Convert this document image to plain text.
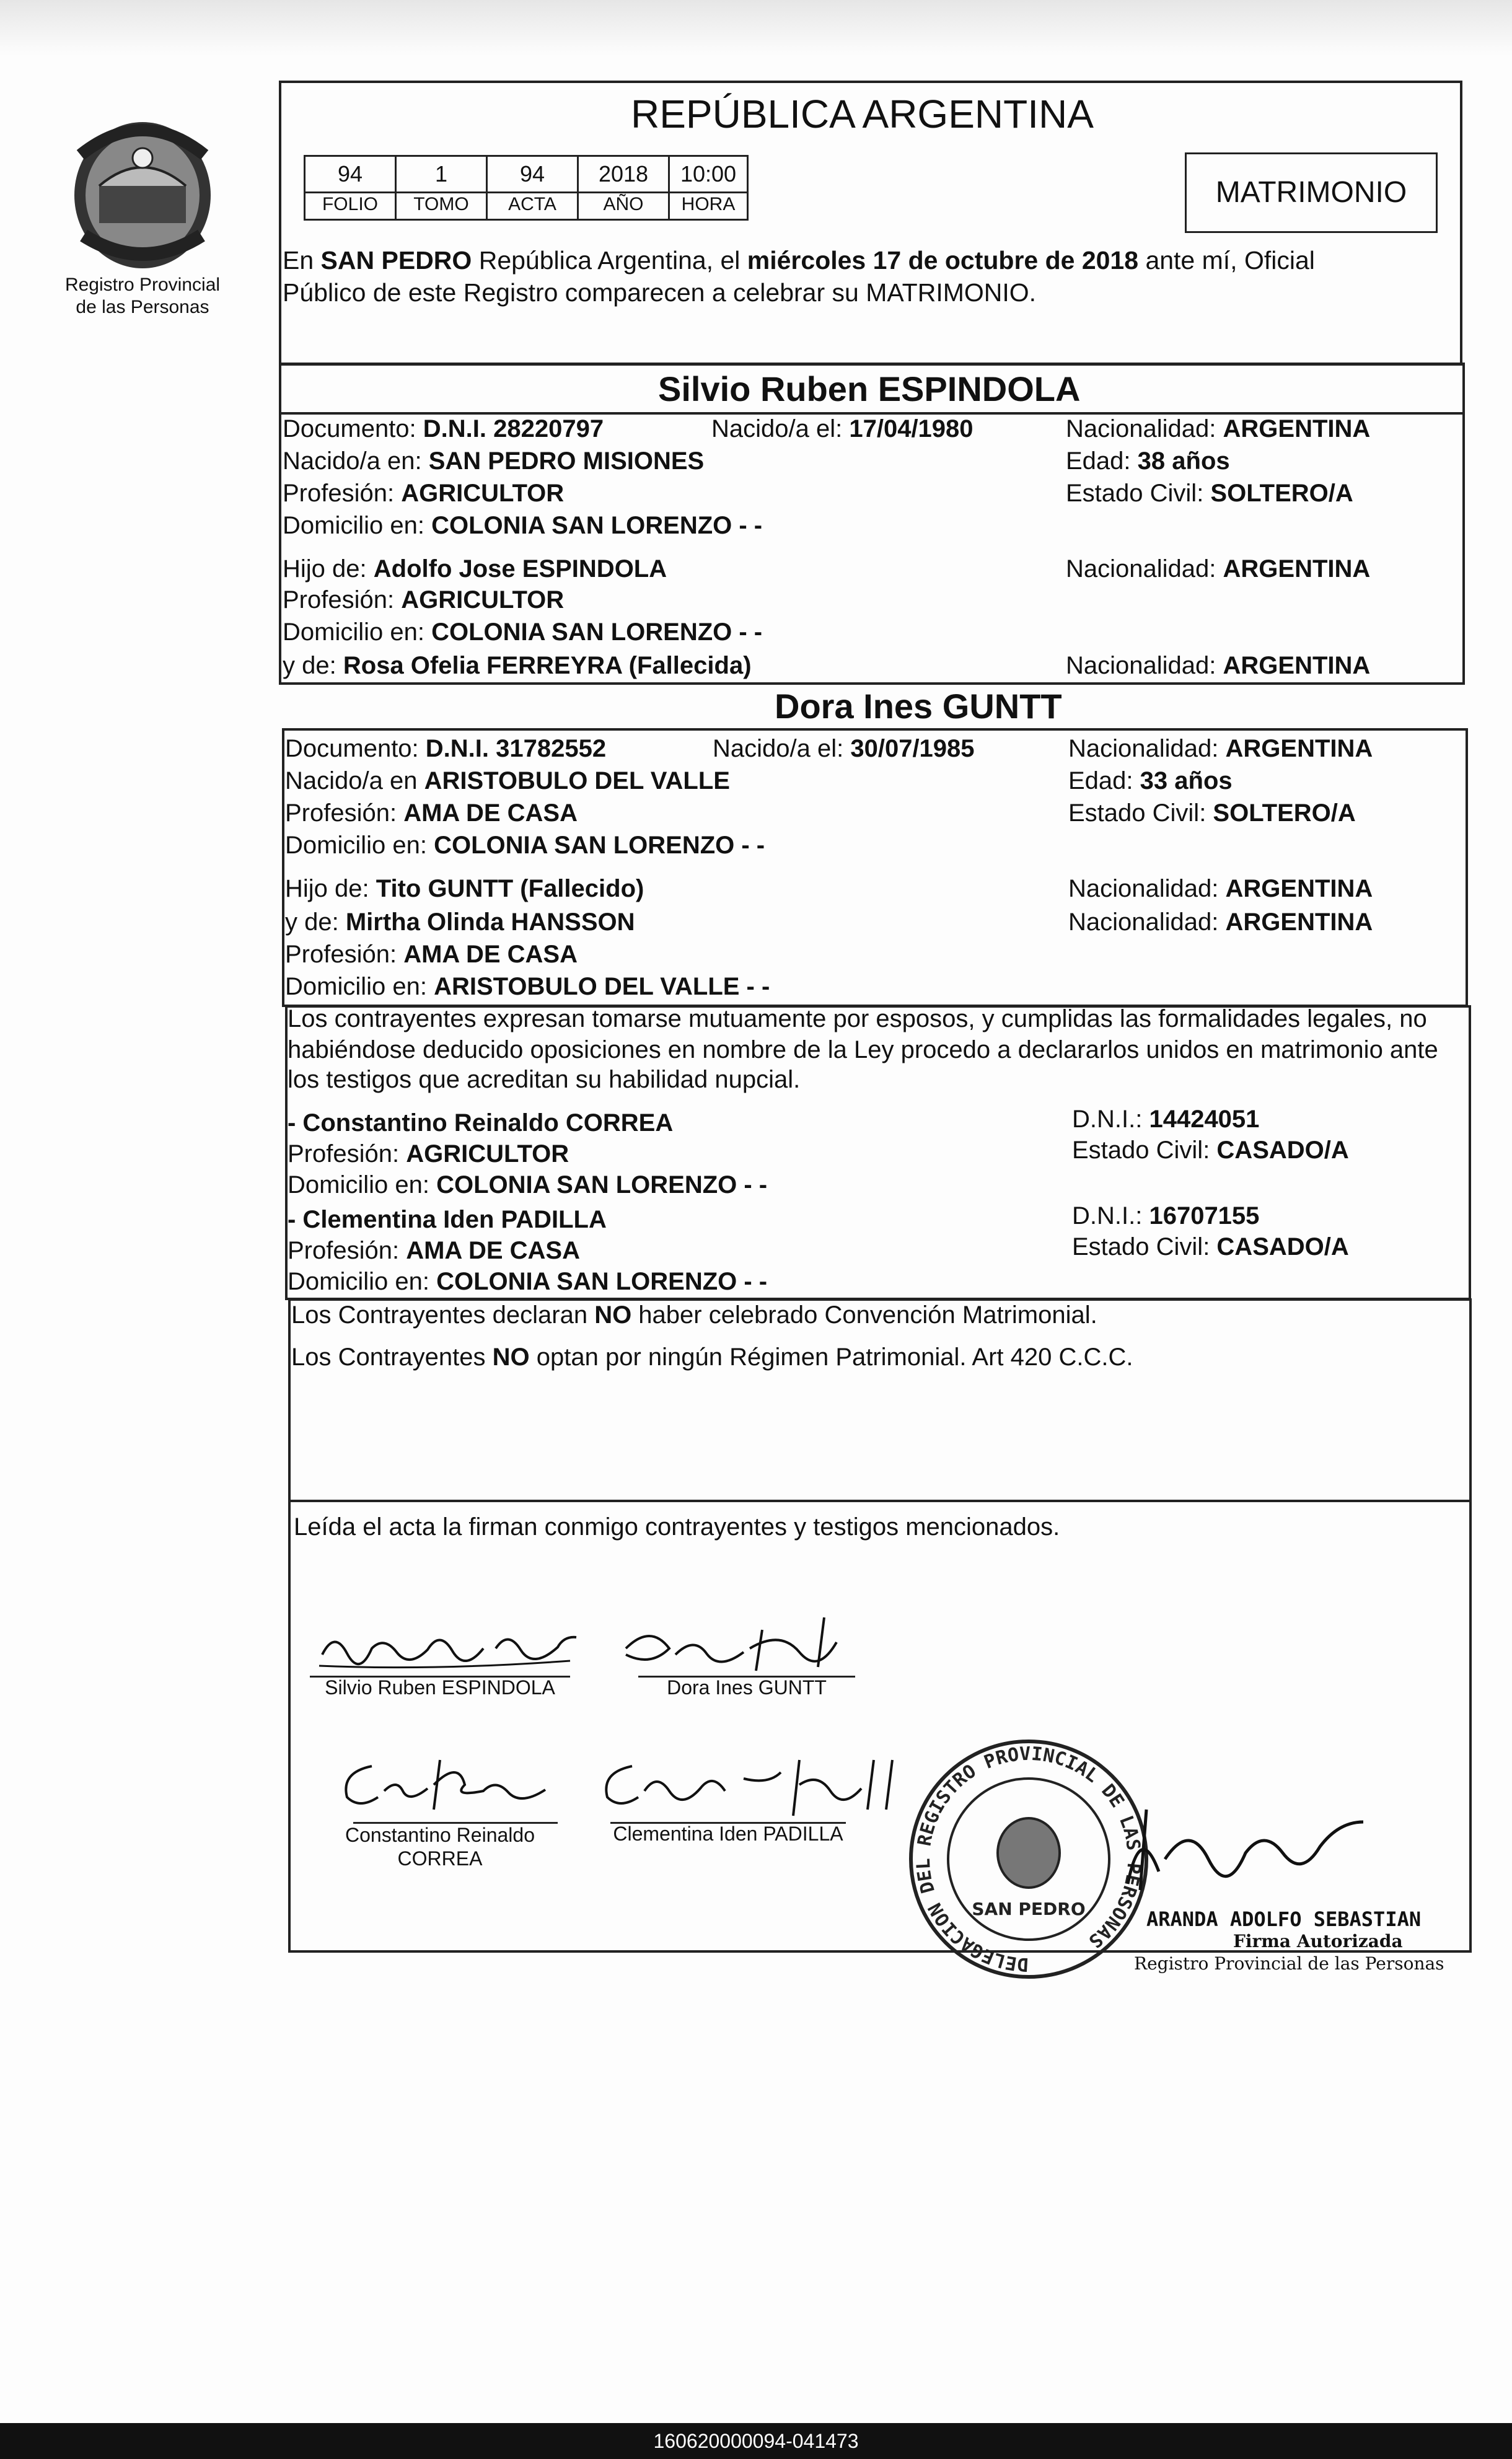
Registro Provincial
de las Personas
REPÚBLICA ARGENTINA
94
FOLIO
1
TOMO
94
ACTA
2018
AÑO
10:00
HORA	MATRIMONIO
En SAN PEDRO República Argentina, el miércoles 17 de octubre de 2018 ante mí, Oficial
Público de este Registro comparecen a celebrar su MATRIMONIO.
Silvio Ruben ESPINDOLA
Documento: D.N.I. 28220797	Nacido/a el: 17/04/1980	Nacionalidad: ARGENTINA
Nacido/a en: SAN PEDRO MISIONES	Edad: 38 años
Profesión: AGRICULTOR	Estado Civil: SOLTERO/A
Domicilio en: COLONIA SAN LORENZO - -
Hijo de: Adolfo Jose ESPINDOLA	Nacionalidad: ARGENTINA
Profesión: AGRICULTOR
Domicilio en: COLONIA SAN LORENZO - -
y de: Rosa Ofelia FERREYRA (Fallecida)	Nacionalidad: ARGENTINA
Dora Ines GUNTT
Documento: D.N.I. 31782552	Nacido/a el: 30/07/1985	Nacionalidad: ARGENTINA
Nacido/a en ARISTOBULO DEL VALLE	Edad: 33 años
Profesión: AMA DE CASA	Estado Civil: SOLTERO/A
Domicilio en: COLONIA SAN LORENZO - -
Hijo de: Tito GUNTT (Fallecido)	Nacionalidad: ARGENTINA
y de: Mirtha Olinda HANSSON	Nacionalidad: ARGENTINA
Profesión: AMA DE CASA
Domicilio en: ARISTOBULO DEL VALLE - -
Los contrayentes expresan tomarse mutuamente por esposos, y cumplidas las formalidades legales, no
habiéndose deducido oposiciones en nombre de la Ley procedo a declararlos unidos en matrimonio ante
los testigos que acreditan su habilidad nupcial.
- Constantino Reinaldo CORREA	D.N.I.: 14424051
Profesión: AGRICULTOR	Estado Civil: CASADO/A
Domicilio en: COLONIA SAN LORENZO - -
- Clementina Iden PADILLA	D.N.I.: 16707155
Profesión: AMA DE CASA	Estado Civil: CASADO/A
Domicilio en: COLONIA SAN LORENZO - -
Los Contrayentes declaran NO haber celebrado Convención Matrimonial.
Los Contrayentes NO optan por ningún Régimen Patrimonial. Art 420 C.C.C.
Leída el acta la firman conmigo contrayentes y testigos mencionados.
Silvio Ruben ESPINDOLA	Dora Ines GUNTT
Constantino Reinaldo
CORREA
Clementina Iden PADILLA
DELEGACION DEL REGISTRO PROVINCIAL DE LAS PERSONAS
SAN PEDRO	ARANDA ADOLFO SEBASTIAN
Firma Autorizada
Registro Provincial de las Personas
160620000094-041473
